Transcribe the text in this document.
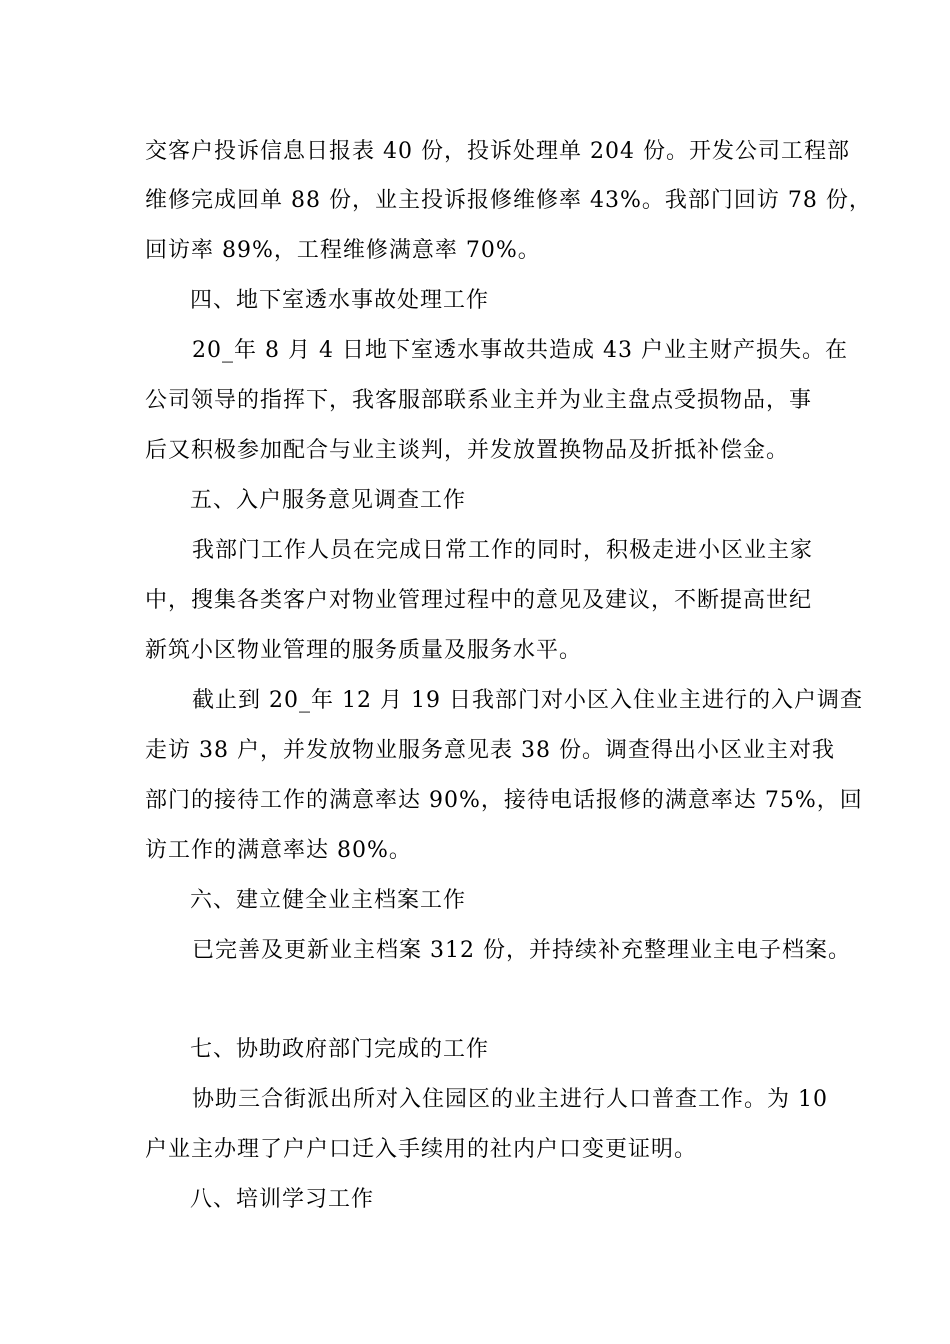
交客户投诉信息日报表 40 份，投诉处理单 204 份。开发公司工程部
维修完成回单 88 份，业主投诉报修维修率 43%。我部门回访 78 份，
回访率 89%，工程维修满意率 70%。
四、地下室透水事故处理工作
20_年 8 月 4 日地下室透水事故共造成 43 户业主财产损失。在
公司领导的指挥下，我客服部联系业主并为业主盘点受损物品，事
后又积极参加配合与业主谈判，并发放置换物品及折抵补偿金。
五、入户服务意见调查工作
我部门工作人员在完成日常工作的同时，积极走进小区业主家
中，搜集各类客户对物业管理过程中的意见及建议，不断提高世纪
新筑小区物业管理的服务质量及服务水平。
截止到 20_年 12 月 19 日我部门对小区入住业主进行的入户调查
走访 38 户，并发放物业服务意见表 38 份。调查得出小区业主对我
部门的接待工作的满意率达 90%，接待电话报修的满意率达 75%，回
访工作的满意率达 80%。
六、建立健全业主档案工作
已完善及更新业主档案 312 份，并持续补充整理业主电子档案。
七、协助政府部门完成的工作
协助三合街派出所对入住园区的业主进行人口普查工作。为 10
户业主办理了户户口迁入手续用的社内户口变更证明。
八、培训学习工作
